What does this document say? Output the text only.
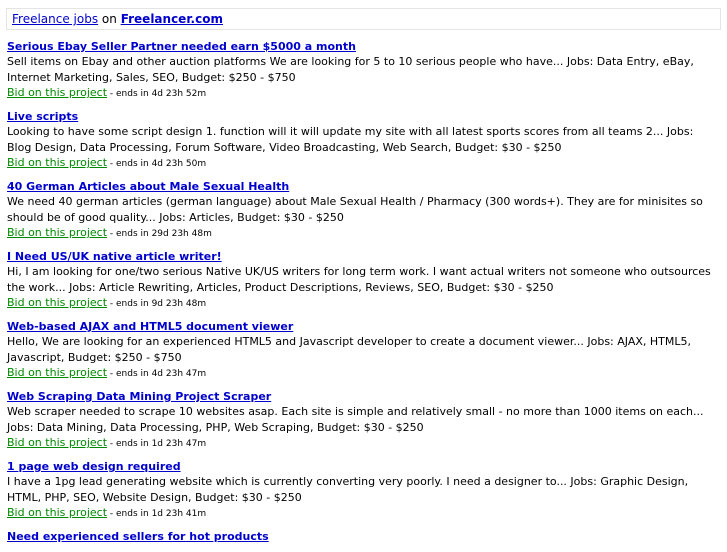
Freelance jobs on Freelancer.com
Serious Ebay Seller Partner needed earn $5000 a month

Sell items on Ebay and other auction platforms We are looking for 5 to 10 serious people who have... Jobs: Data Entry, eBay, Internet Marketing, Sales, SEO, Budget: $250 - $750

Bid on this project - ends in 4d 23h 52m
Live scripts

Looking to have some script design 1. function will it will update my site with all latest sports scores from all teams 2... Jobs: Blog Design, Data Processing, Forum Software, Video Broadcasting, Web Search, Budget: $30 - $250

Bid on this project - ends in 4d 23h 50m
40 German Articles about Male Sexual Health

We need 40 german articles (german language) about Male Sexual Health / Pharmacy (300 words+). They are for minisites so should be of good quality... Jobs: Articles, Budget: $30 - $250

Bid on this project - ends in 29d 23h 48m
I Need US/UK native article writer!

Hi, I am looking for one/two serious Native UK/US writers for long term work. I want actual writers not someone who outsources the work... Jobs: Article Rewriting, Articles, Product Descriptions, Reviews, SEO, Budget: $30 - $250

Bid on this project - ends in 9d 23h 48m
Web-based AJAX and HTML5 document viewer

Hello, We are looking for an experienced HTML5 and Javascript developer to create a document viewer... Jobs: AJAX, HTML5, Javascript, Budget: $250 - $750

Bid on this project - ends in 4d 23h 47m
Web Scraping Data Mining Project Scraper

Web scraper needed to scrape 10 websites asap. Each site is simple and relatively small - no more than 1000 items on each... Jobs: Data Mining, Data Processing, PHP, Web Scraping, Budget: $30 - $250

Bid on this project - ends in 1d 23h 47m
1 page web design required

I have a 1pg lead generating website which is currently converting very poorly. I need a designer to... Jobs: Graphic Design, HTML, PHP, SEO, Website Design, Budget: $30 - $250

Bid on this project - ends in 1d 23h 41m
Need experienced sellers for hot products
